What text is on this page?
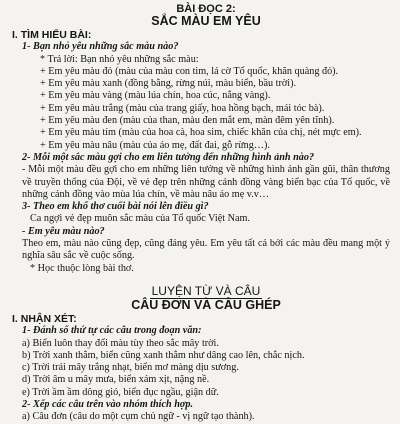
BÀI ĐỌC 2:
SẮC MÀU EM YÊU
I. TÌM HIỂU BÀI:
1- Bạn nhỏ yêu những sắc màu nào?
* Trả lời: Bạn nhỏ yêu những sắc màu:
+ Em yêu màu đỏ (màu của màu con tim, lá cờ Tổ quốc, khăn quàng đỏ).
+ Em yêu màu xanh (đồng bằng, rừng núi, màu biển, bầu trời).
+ Em yêu màu vàng (màu lúa chín, hoa cúc, nắng vàng).
+ Em yêu màu trắng (màu của trang giấy, hoa hồng bạch, mái tóc bà).
+ Em yêu màu đen (màu của than, màu đen mắt em, màn đêm yên tĩnh).
+ Em yêu màu tím (màu của hoa cà, hoa sim, chiếc khăn của chị, nét mực em).
+ Em yêu màu nâu (màu của áo mẹ, đất đai, gỗ rừng…).
2- Mỗi một sắc màu gợi cho em liên tưởng đến những hình ảnh nào?
- Mỗi một màu đều gợi cho em những liên tưởng về những hình ảnh gần gũi, thân thương về truyền thống của Đội, về vẻ đẹp trên những cánh đồng vàng biển bạc của Tổ quốc, về những cảnh đồng vào mùa lúa chín, về màu nâu áo mẹ v.v…
3- Theo em khổ thơ cuối bài nói lên điều gì?
Ca ngợi vẻ đẹp muôn sắc màu của Tổ quốc Việt Nam.
- Em yêu màu nào?
Theo em, màu nào cũng đẹp, cũng đáng yêu. Em yêu tất cả bởi các màu đều mang một ý nghĩa sâu sắc về cuộc sống.
* Học thuộc lòng bài thơ.
LUYỆN TỪ VÀ CÂU
CÂU ĐƠN VÀ CÂU GHÉP
I. NHẬN XÉT:
1- Đánh số thứ tự các câu trong đoạn văn:
a) Biển luôn thay đổi màu tùy theo sắc mây trời.
b) Trời xanh thẳm, biển cũng xanh thẳm như dâng cao lên, chắc nịch.
c) Trời trải mây trắng nhạt, biển mơ màng dịu sương.
d) Trời âm u mây mưa, biển xám xịt, nặng nề.
e) Trời ầm ầm dông gió, biển đục ngầu, giận dữ.
2- Xếp các câu trên vào nhóm thích hợp.
a) Câu đơn (câu do một cụm chủ ngữ - vị ngữ tạo thành).
